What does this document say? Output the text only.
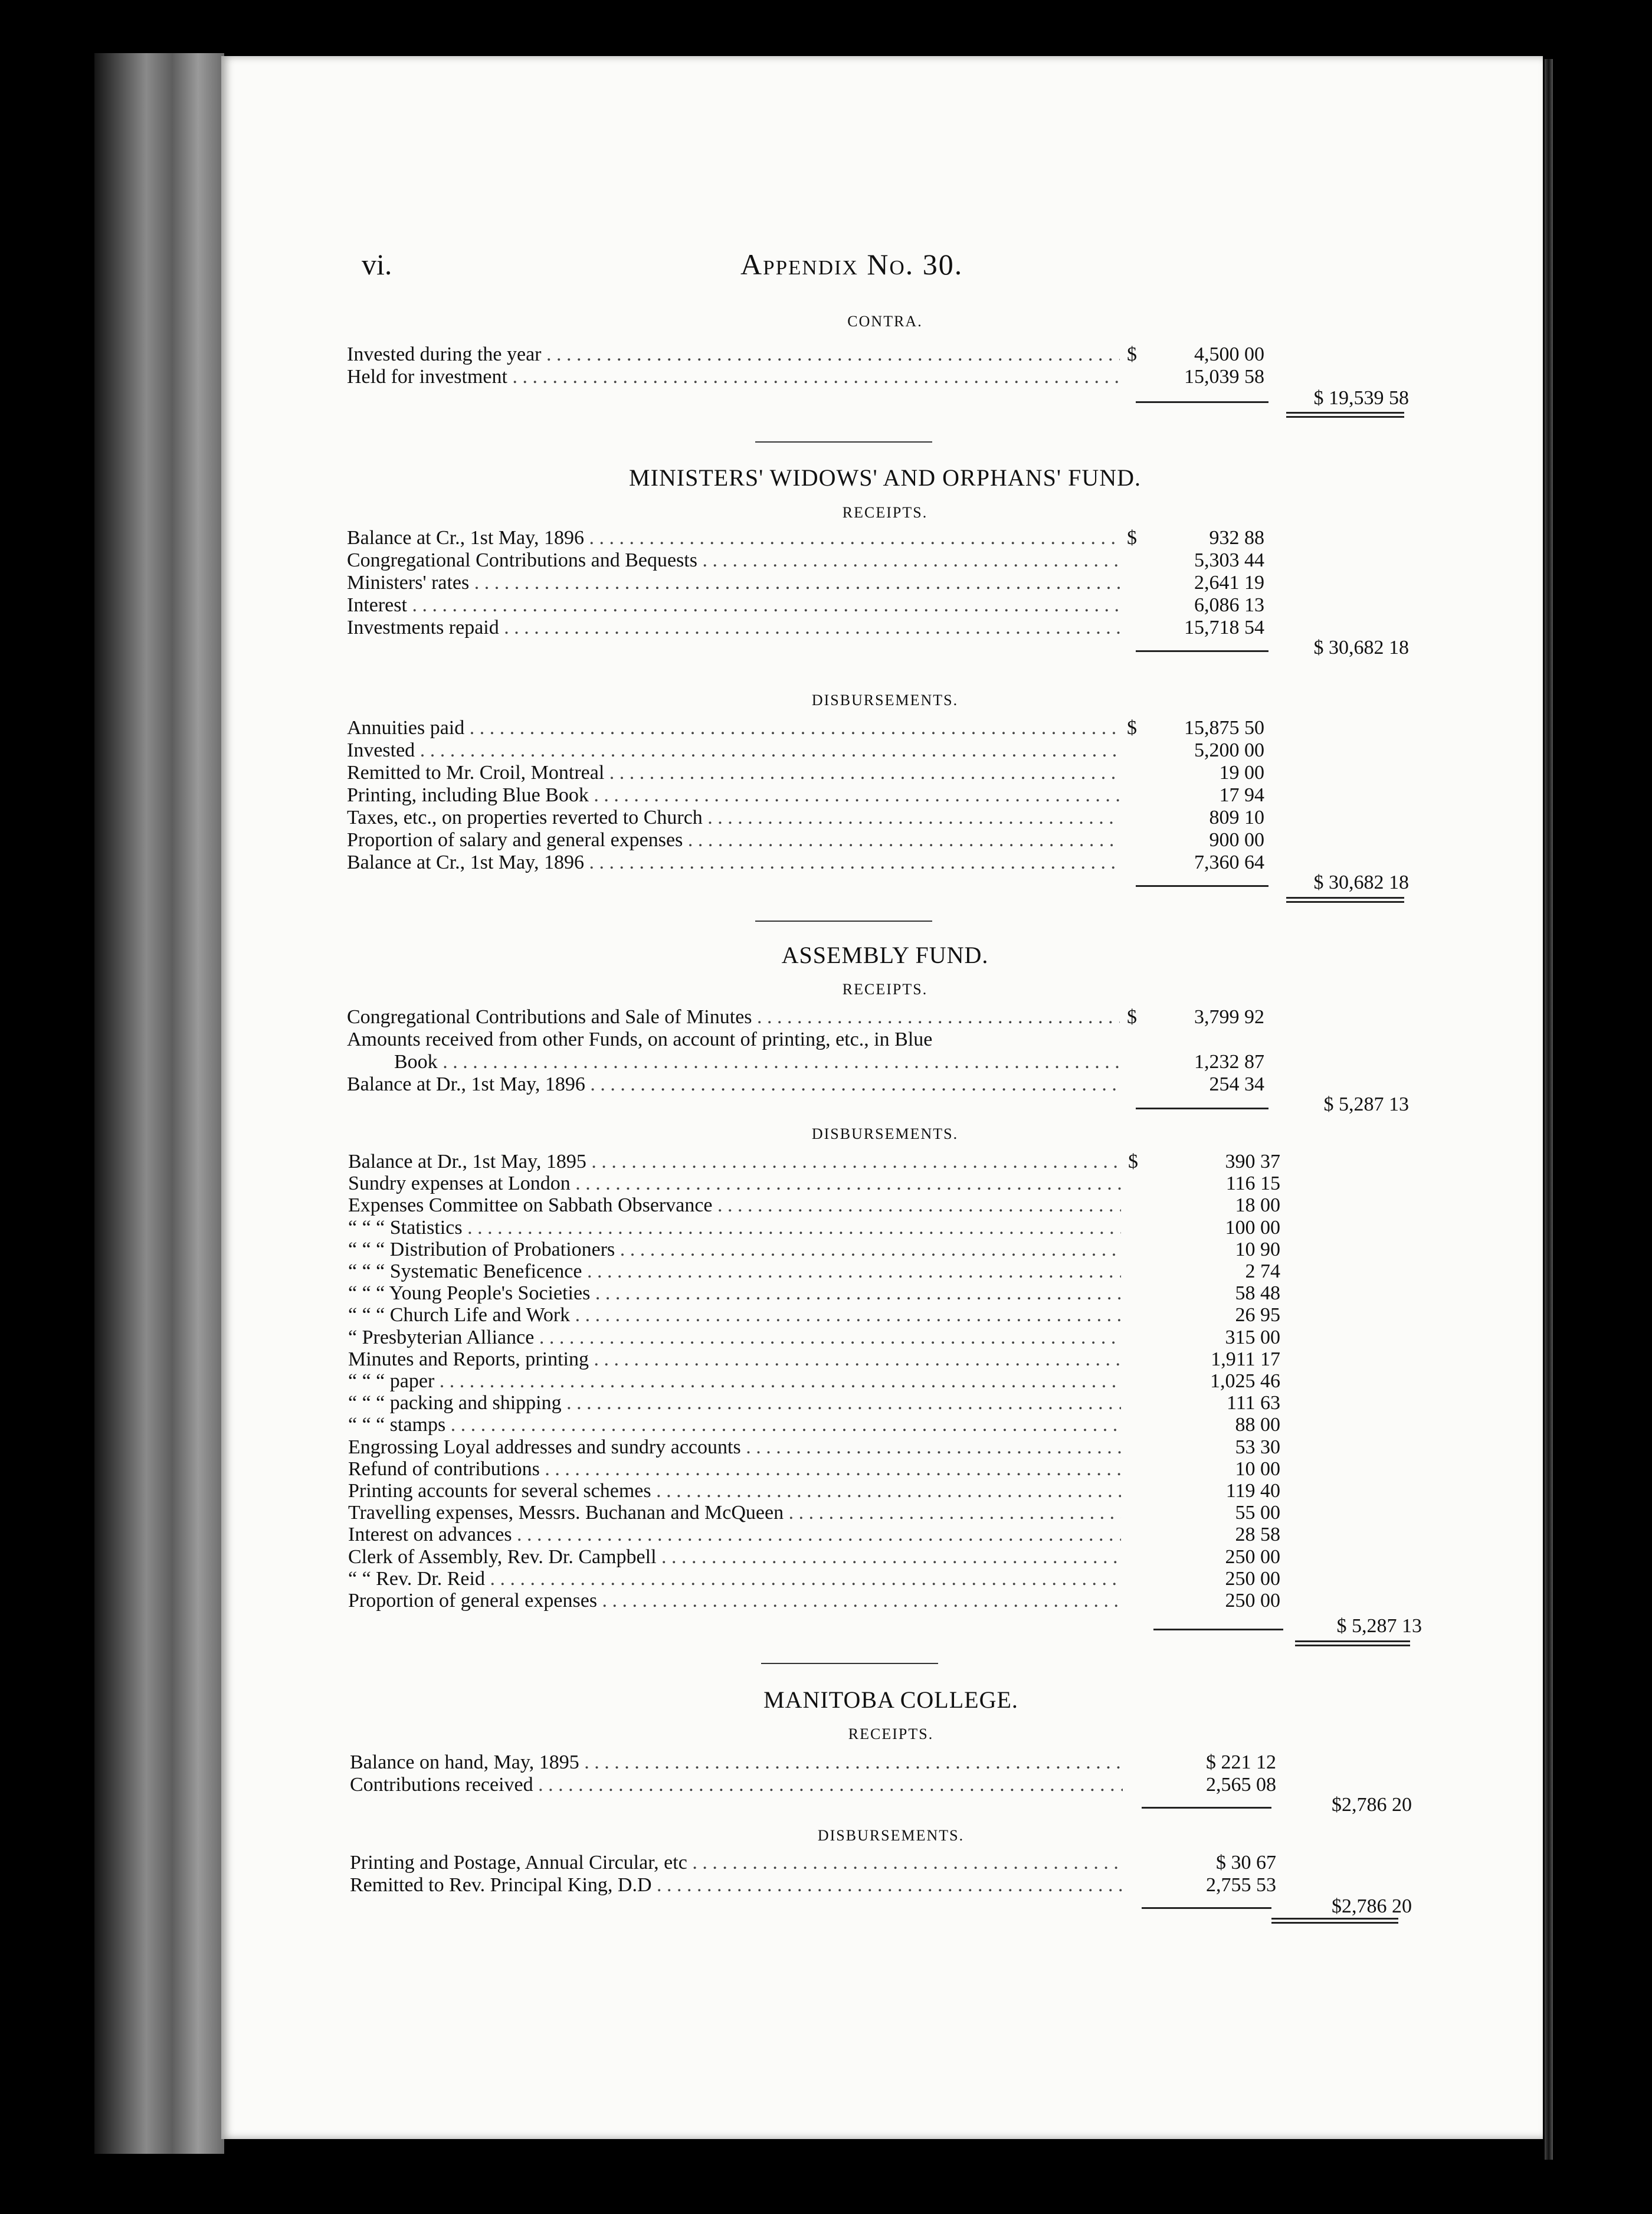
vi.	Appendix No. 30.
CONTRA.
Invested during the year . . .	$	4,500 00
Held for investment . . .	15,039 58
$ 19,539 58
MINISTERS' WIDOWS' AND ORPHANS' FUND.
RECEIPTS.
Balance at Cr., 1st May, 1896 . . .	$	932 88
Congregational Contributions and Bequests . . .	5,303 44
Ministers' rates . . .	2,641 19
Interest . . .	6,086 13
Investments repaid . . .	15,718 54
$ 30,682 18
DISBURSEMENTS.
Annuities paid . . .	$	15,875 50
Invested . . .	5,200 00
Remitted to Mr. Croil, Montreal . . .	19 00
Printing, including Blue Book . . .	17 94
Taxes, etc., on properties reverted to Church . . .	809 10
Proportion of salary and general expenses . . .	900 00
Balance at Cr., 1st May, 1896 . . .	7,360 64
$ 30,682 18
ASSEMBLY FUND.
RECEIPTS.
Congregational Contributions and Sale of Minutes . . .	$	3,799 92
Amounts received from other Funds, on account of printing, etc., in Blue
Book . . .	1,232 87
Balance at Dr., 1st May, 1896 . . .	254 34
$ 5,287 13
DISBURSEMENTS.
Balance at Dr., 1st May, 1895 . . .	$	390 37
Sundry expenses at London . . .	116 15
Expenses Committee on Sabbath Observance . . .	18 00
“ “ “ Statistics . . .	100 00
“ “ “ Distribution of Probationers . . .	10 90
“ “ “ Systematic Beneficence . . .	2 74
“ “ “ Young People's Societies . . .	58 48
“ “ “ Church Life and Work . . .	26 95
“ Presbyterian Alliance . . .	315 00
Minutes and Reports, printing . . .	1,911 17
“ “ “ paper . . .	1,025 46
“ “ “ packing and shipping . . .	111 63
“ “ “ stamps . . .	88 00
Engrossing Loyal addresses and sundry accounts . . .	53 30
Refund of contributions . . .	10 00
Printing accounts for several schemes . . .	119 40
Travelling expenses, Messrs. Buchanan and McQueen . . .	55 00
Interest on advances . . .	28 58
Clerk of Assembly, Rev. Dr. Campbell . . .	250 00
“ “ Rev. Dr. Reid . . .	250 00
Proportion of general expenses . . .	250 00
$ 5,287 13
MANITOBA COLLEGE.
RECEIPTS.
Balance on hand, May, 1895 . . .	$ 221 12
Contributions received . . .	2,565 08
$2,786 20
DISBURSEMENTS.
Printing and Postage, Annual Circular, etc . . .	$ 30 67
Remitted to Rev. Principal King, D.D . . .	2,755 53
$2,786 20
